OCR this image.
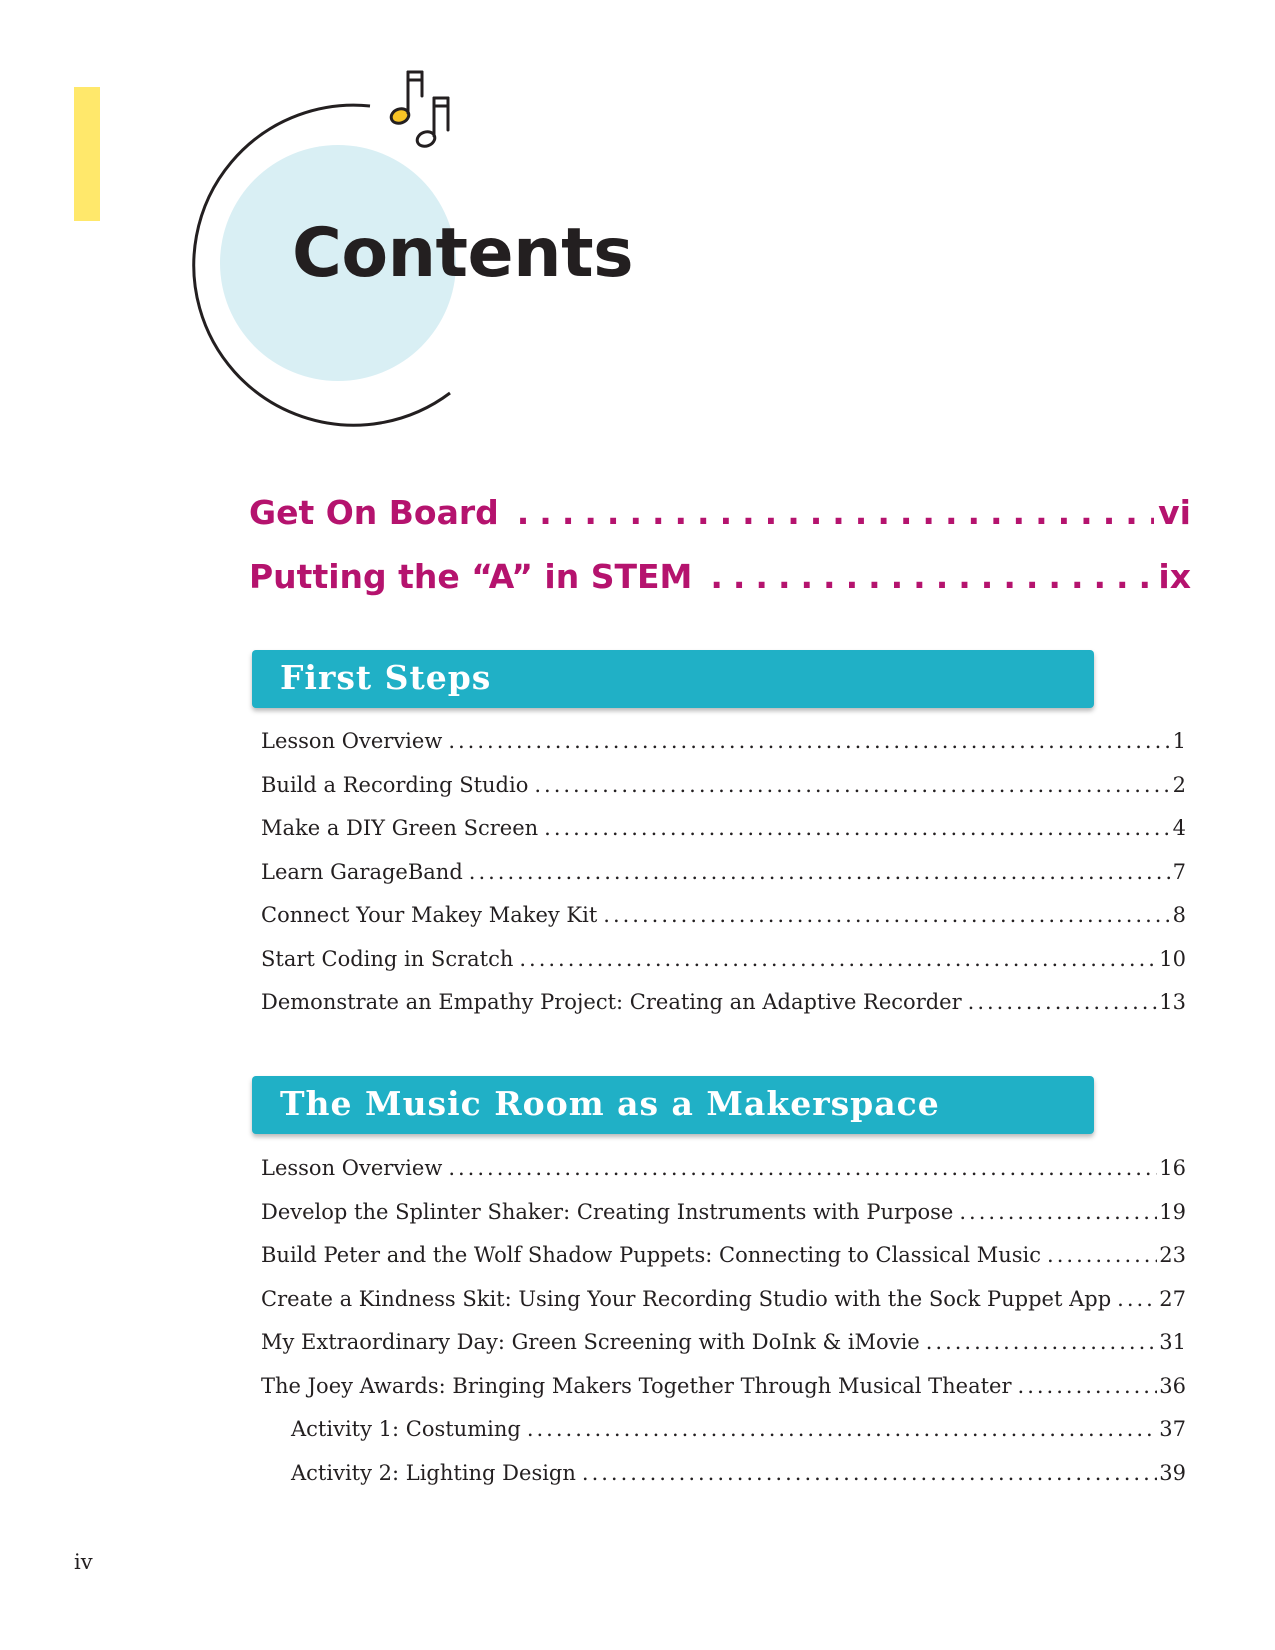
Contents
Get On Board .....	vi
Putting the “A” in STEM .....	ix
First Steps
Lesson Overview .....	1
Build a Recording Studio .....	2
Make a DIY Green Screen .....	4
Learn GarageBand .....	7
Connect Your Makey Makey Kit .....	8
Start Coding in Scratch .....	10
Demonstrate an Empathy Project: Creating an Adaptive Recorder .....	13
The Music Room as a Makerspace
Lesson Overview .....	16
Develop the Splinter Shaker: Creating Instruments with Purpose .....	19
Build Peter and the Wolf Shadow Puppets: Connecting to Classical Music .....	23
Create a Kindness Skit: Using Your Recording Studio with the Sock Puppet App ..... 27
My Extraordinary Day: Green Screening with DoInk & iMovie .....	31
The Joey Awards: Bringing Makers Together Through Musical Theater .....	36
Activity 1: Costuming .....	37
Activity 2: Lighting Design .....	39
iv
